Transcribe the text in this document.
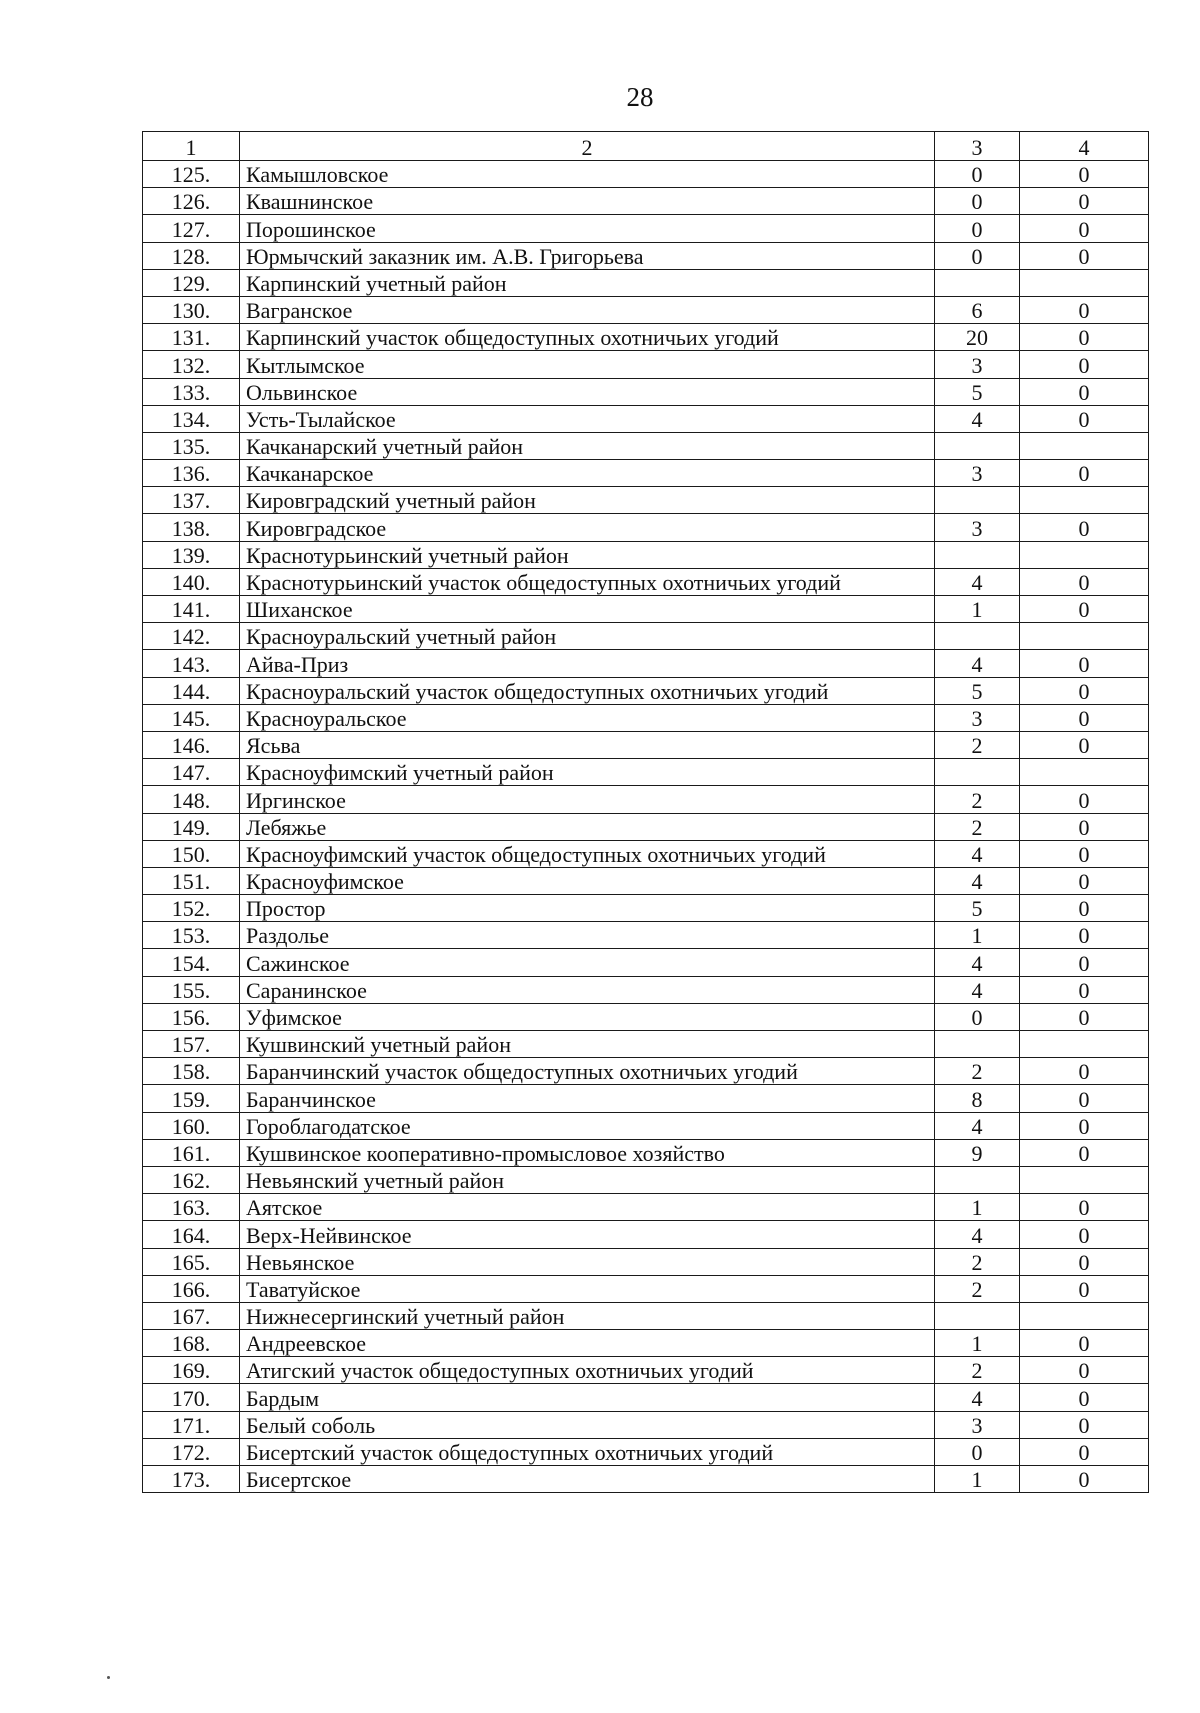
28
1	2	3	4
125.	Камышловское	0	0
126.	Квашнинское	0	0
127.	Порошинское	0	0
128.	Юрмычский заказник им. А.В. Григорьева	0	0
129.	Карпинский учетный район		
130.	Вагранское	6	0
131.	Карпинский участок общедоступных охотничьих угодий	20	0
132.	Кытлымское	3	0
133.	Ольвинское	5	0
134.	Усть-Тылайское	4	0
135.	Качканарский учетный район		
136.	Качканарское	3	0
137.	Кировградский учетный район		
138.	Кировградское	3	0
139.	Краснотурьинский учетный район		
140.	Краснотурьинский участок общедоступных охотничьих угодий	4	0
141.	Шиханское	1	0
142.	Красноуральский учетный район		
143.	Айва-Приз	4	0
144.	Красноуральский участок общедоступных охотничьих угодий	5	0
145.	Красноуральское	3	0
146.	Ясьва	2	0
147.	Красноуфимский учетный район		
148.	Иргинское	2	0
149.	Лебяжье	2	0
150.	Красноуфимский участок общедоступных охотничьих угодий	4	0
151.	Красноуфимское	4	0
152.	Простор	5	0
153.	Раздолье	1	0
154.	Сажинское	4	0
155.	Саранинское	4	0
156.	Уфимское	0	0
157.	Кушвинский учетный район		
158.	Баранчинский участок общедоступных охотничьих угодий	2	0
159.	Баранчинское	8	0
160.	Гороблагодатское	4	0
161.	Кушвинское кооперативно-промысловое хозяйство	9	0
162.	Невьянский учетный район		
163.	Аятское	1	0
164.	Верх-Нейвинское	4	0
165.	Невьянское	2	0
166.	Таватуйское	2	0
167.	Нижнесергинский учетный район		
168.	Андреевское	1	0
169.	Атигский участок общедоступных охотничьих угодий	2	0
170.	Бардым	4	0
171.	Белый соболь	3	0
172.	Бисертский участок общедоступных охотничьих угодий	0	0
173.	Бисертское	1	0
